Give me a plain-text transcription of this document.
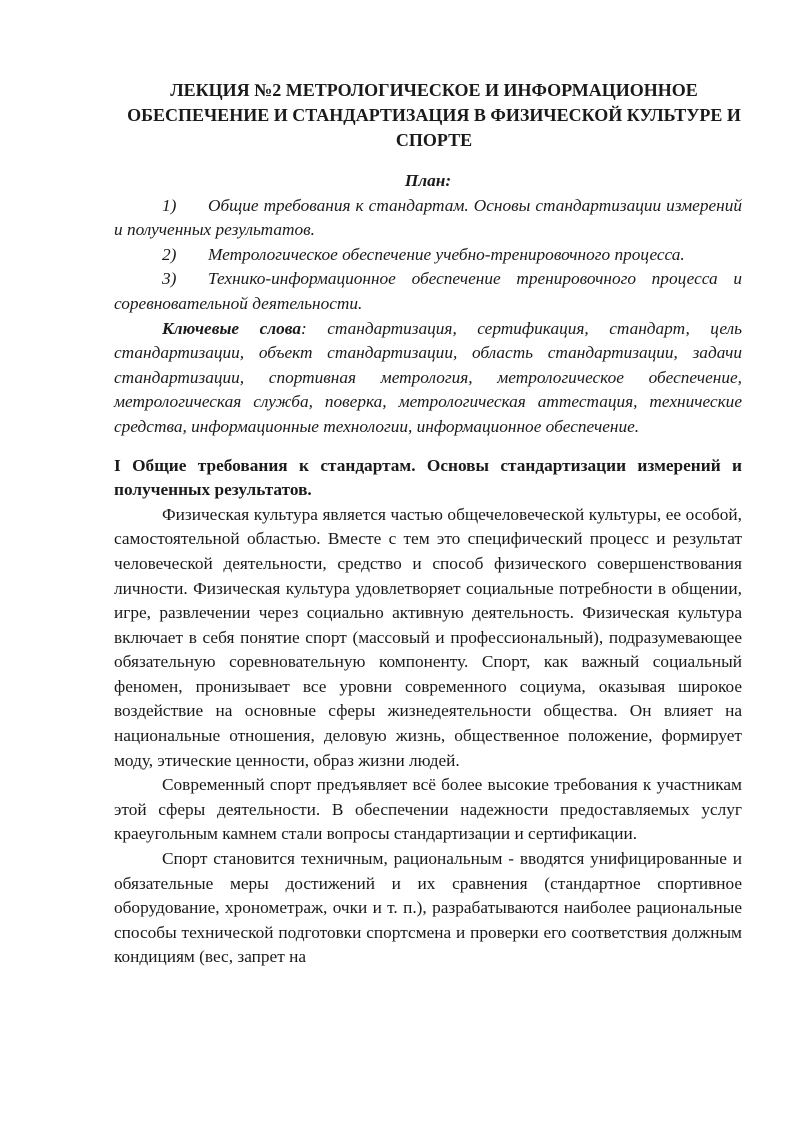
ЛЕКЦИЯ №2 МЕТРОЛОГИЧЕСКОЕ И ИНФОРМАЦИОННОЕ ОБЕСПЕЧЕНИЕ И СТАНДАРТИЗАЦИЯ В ФИЗИЧЕСКОЙ КУЛЬТУРЕ И СПОРТЕ
План:
1) Общие требования к стандартам. Основы стандартизации измерений и полученных результатов.
2) Метрологическое обеспечение учебно-тренировочного процесса.
3) Технико-информационное обеспечение тренировочного процесса и соревновательной деятельности.

Ключевые слова: стандартизация, сертификация, стандарт, цель стандартизации, объект стандартизации, область стандартизации, задачи стандартизации, спортивная метрология, метрологическое обеспечение, метрологическая служба, поверка, метрологическая аттестация, технические средства, информационные технологии, информационное обеспечение.

I Общие требования к стандартам. Основы стандартизации измерений и полученных результатов.

Физическая культура является частью общечеловеческой культуры, ее особой, самостоятельной областью. Вместе с тем это специфический процесс и результат человеческой деятельности, средство и способ физического совершенствования личности. Физическая культура удовлетворяет социальные потребности в общении, игре, развлечении через социально активную деятельность. Физическая культура включает в себя понятие спорт (массовый и профессиональный), подразумевающее обязательную соревновательную компоненту. Спорт, как важный социальный феномен, пронизывает все уровни современного социума, оказывая широкое воздействие на основные сферы жизнедеятельности общества. Он влияет на национальные отношения, деловую жизнь, общественное положение, формирует моду, этические ценности, образ жизни людей.

Современный спорт предъявляет всё более высокие требования к участникам этой сферы деятельности. В обеспечении надежности предоставляемых услуг краеугольным камнем стали вопросы стандартизации и сертификации.

Спорт становится техничным, рациональным - вводятся унифицированные и обязательные меры достижений и их сравнения (стандартное спортивное оборудование, хронометраж, очки и т. п.), разрабатываются наиболее рациональные способы технической подготовки спортсмена и проверки его соответствия должным кондициям (вес, запрет на
